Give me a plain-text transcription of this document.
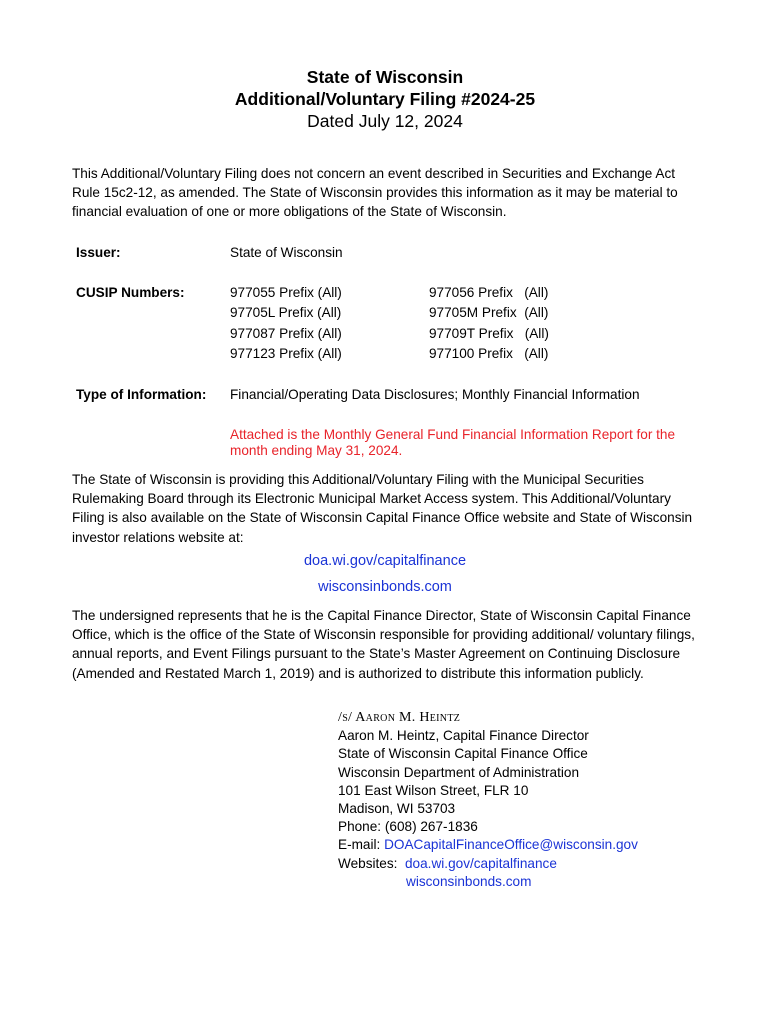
State of Wisconsin
Additional/Voluntary Filing #2024-25
Dated July 12, 2024
This Additional/Voluntary Filing does not concern an event described in Securities and Exchange Act Rule 15c2-12, as amended. The State of Wisconsin provides this information as it may be material to financial evaluation of one or more obligations of the State of Wisconsin.
Issuer:	State of Wisconsin
CUSIP Numbers:	977055 Prefix (All)
97705L Prefix (All)
977087 Prefix (All)
977123 Prefix (All)
977056 Prefix   (All)
97705M Prefix  (All)
97709T Prefix   (All)
977100 Prefix   (All)
Type of Information: Financial/Operating Data Disclosures; Monthly Financial Information
Attached is the Monthly General Fund Financial Information Report for the month ending May 31, 2024.
The State of Wisconsin is providing this Additional/Voluntary Filing with the Municipal Securities Rulemaking Board through its Electronic Municipal Market Access system. This Additional/Voluntary Filing is also available on the State of Wisconsin Capital Finance Office website and State of Wisconsin investor relations website at:
doa.wi.gov/capitalfinance
wisconsinbonds.com
The undersigned represents that he is the Capital Finance Director, State of Wisconsin Capital Finance Office, which is the office of the State of Wisconsin responsible for providing additional/ voluntary filings, annual reports, and Event Filings pursuant to the State’s Master Agreement on Continuing Disclosure (Amended and Restated March 1, 2019) and is authorized to distribute this information publicly.
/s/ Aaron M. Heintz
Aaron M. Heintz, Capital Finance Director
State of Wisconsin Capital Finance Office
Wisconsin Department of Administration
101 East Wilson Street, FLR 10
Madison, WI 53703
Phone: (608) 267-1836
E-mail: DOACapitalFinanceOffice@wisconsin.gov
Websites:  doa.wi.gov/capitalfinance
wisconsinbonds.com
